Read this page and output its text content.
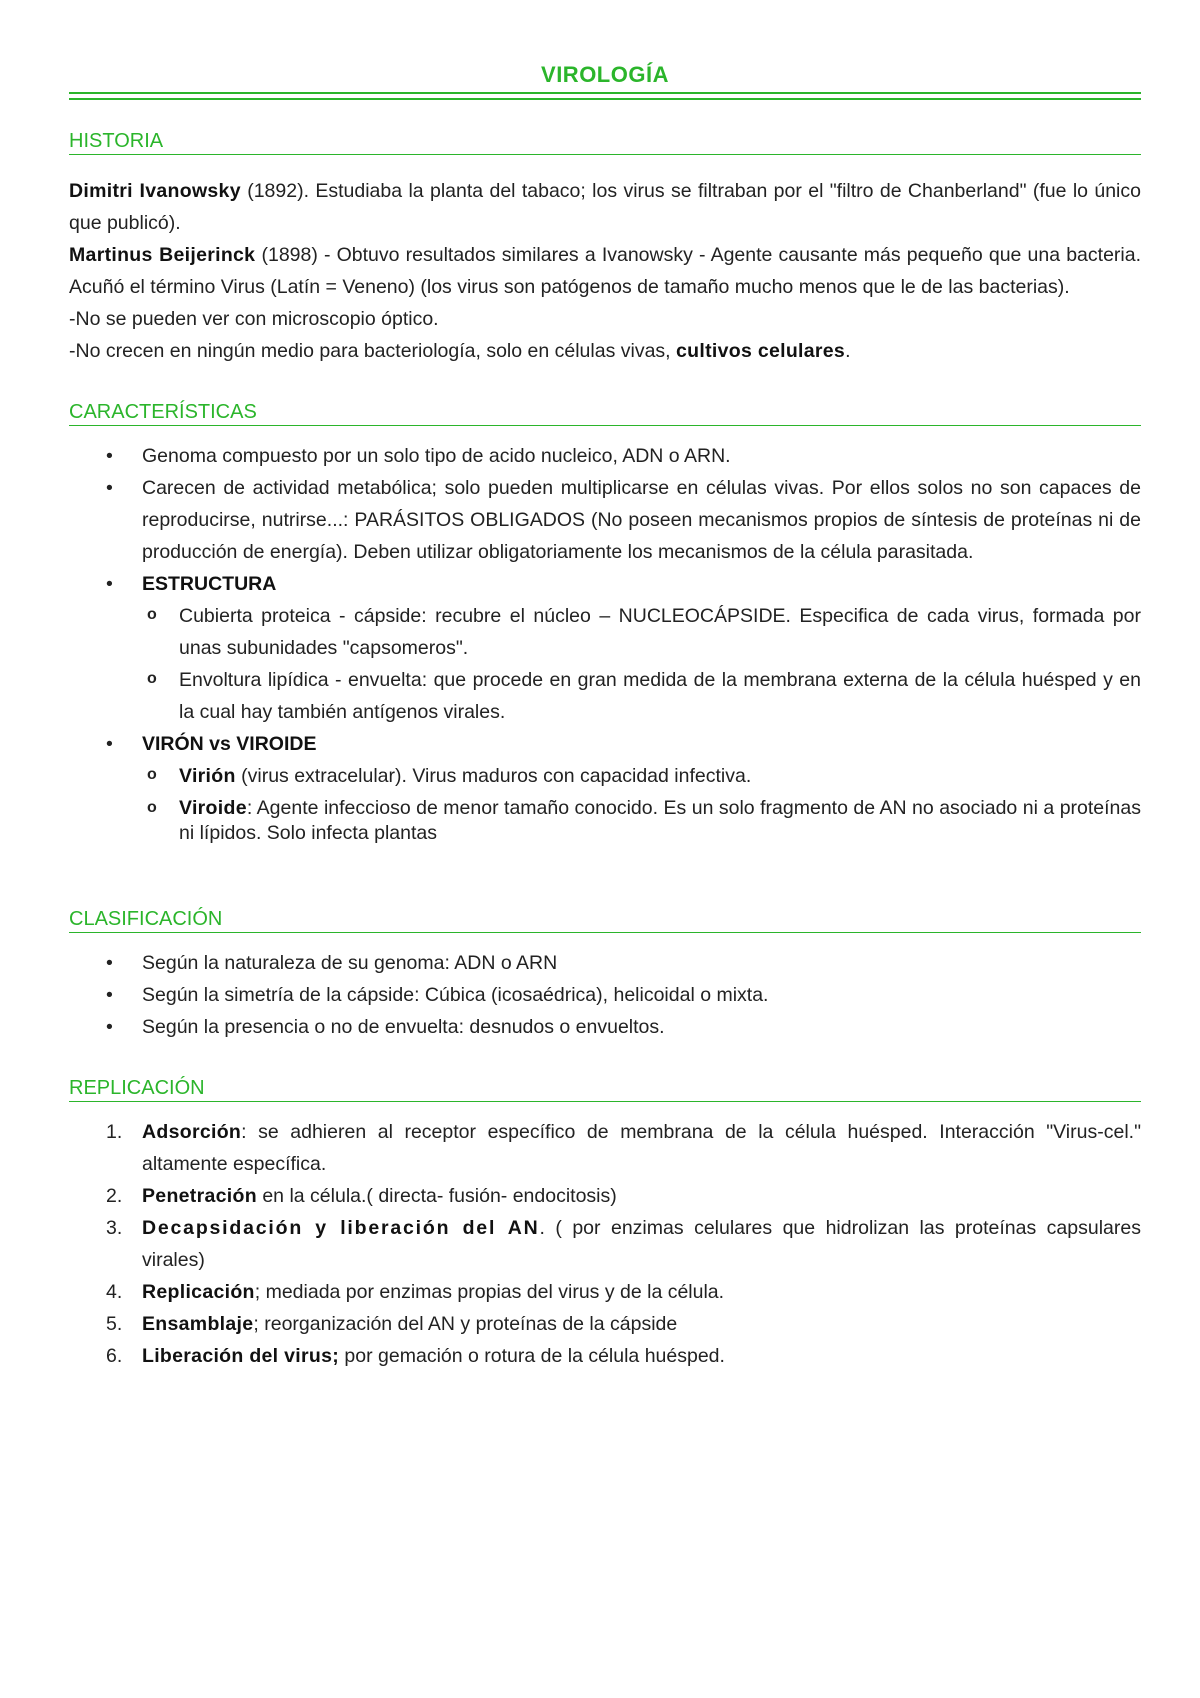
VIROLOGÍA
HISTORIA

Dimitri Ivanowsky (1892). Estudiaba la planta del tabaco; los virus se filtraban por el "filtro de Chanberland" (fue lo único que publicó).

Martinus Beijerinck (1898) - Obtuvo resultados similares a Ivanowsky - Agente causante más pequeño que una bacteria. Acuñó el término Virus (Latín = Veneno) (los virus son patógenos de tamaño mucho menos que le de las bacterias).

-No se pueden ver con microscopio óptico.

-No crecen en ningún medio para bacteriología, solo en células vivas, cultivos celulares.

CARACTERÍSTICAS
• Genoma compuesto por un solo tipo de acido nucleico, ADN o ARN.
• Carecen de actividad metabólica; solo pueden multiplicarse en células vivas. Por ellos solos no son capaces de reproducirse, nutrirse...: PARÁSITOS OBLIGADOS (No poseen mecanismos propios de síntesis de proteínas ni de producción de energía). Deben utilizar obligatoriamente los mecanismos de la célula parasitada.
• ESTRUCTURA
o Cubierta proteica - cápside: recubre el núcleo – NUCLEOCÁPSIDE. Especifica de cada virus, formada por unas subunidades "capsomeros".
o Envoltura lipídica - envuelta: que procede en gran medida de la membrana externa de la célula huésped y en la cual hay también antígenos virales.
• VIRÓN vs VIROIDE
o Virión (virus extracelular). Virus maduros con capacidad infectiva.
o Viroide: Agente infeccioso de menor tamaño conocido. Es un solo fragmento de AN no asociado ni a proteínas ni lípidos. Solo infecta plantas
CLASIFICACIÓN
• Según la naturaleza de su genoma: ADN o ARN
• Según la simetría de la cápside: Cúbica (icosaédrica), helicoidal o mixta.
• Según la presencia o no de envuelta: desnudos o envueltos.
REPLICACIÓN
1. Adsorción: se adhieren al receptor específico de membrana de la célula huésped. Interacción "Virus-cel." altamente específica.
2. Penetración en la célula.( directa- fusión- endocitosis)
3. Decapsidación y liberación del AN. ( por enzimas celulares que hidrolizan las proteínas capsulares virales)
4. Replicación; mediada por enzimas propias del virus y de la célula.
5. Ensamblaje; reorganización del AN y proteínas de la cápside
6. Liberación del virus; por gemación o rotura de la célula huésped.
